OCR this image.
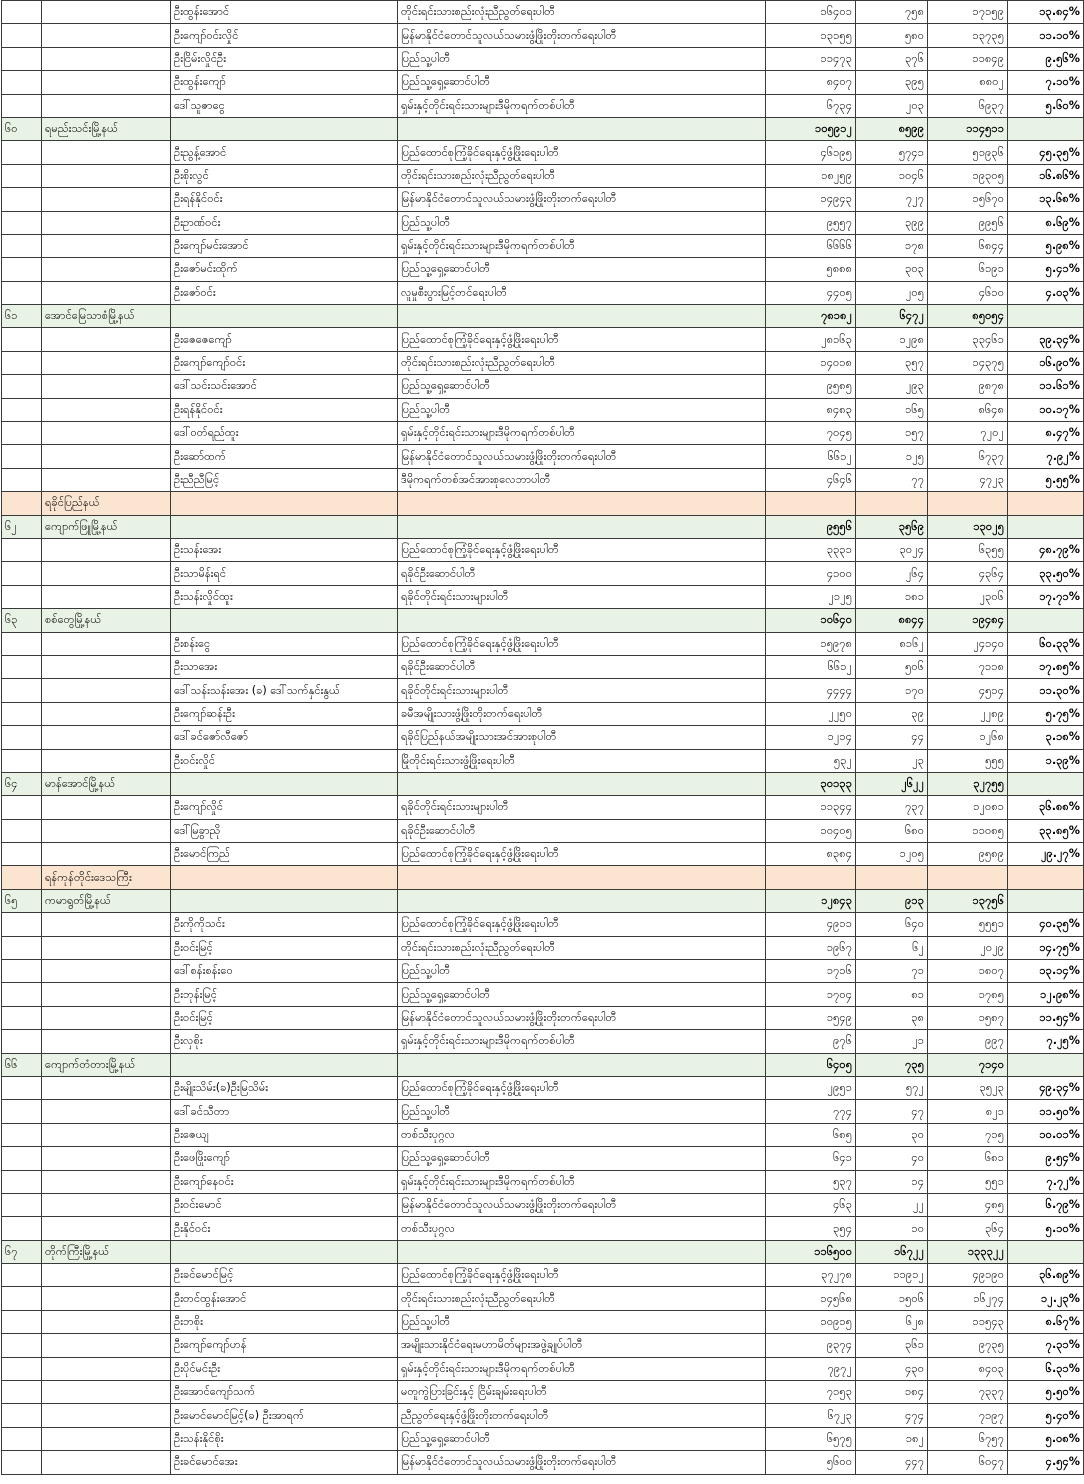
		ဦးထွန်းအောင်	တိုင်းရင်းသားစည်းလုံးညီညွတ်ရေးပါတီ	၁၆၄၀၁	၇၅၈	၁၇၁၅၉	၁၃.၈၄%
		ဦးကျော်ဝင်းလှိုင်	မြန်မာနိုင်ငံတောင်သူလယ်သမားဖွံ့ဖြိုးတိုးတက်ရေးပါတီ	၁၃၁၅၅	၅၈၀	၁၃၇၃၅	၁၁.၁၀%
		ဦးငြိမ်းလှိုင်ဦး	ပြည်သူ့ပါတီ	၁၁၄၇၃	၃၇၆	၁၁၈၄၉	၉.၅၆%
		ဦးထွန်းကျော်	ပြည်သူ့ရှေ့ဆောင်ပါတီ	၈၄၀၇	၃၉၅	၈၈၀၂	၇.၁၀%
		ဒေါ်သူဇာငွေ	ရှမ်းနှင့်တိုင်းရင်းသားများဒီမိုကရက်တစ်ပါတီ	၆၇၃၄	၂၀၃	၆၉၃၇	၅.၆၀%
၆၀	ရမည်းသင်းမြို့နယ်			၁၀၅၉၁၂	၈၅၉၉	၁၁၄၅၁၁	
		ဦးညွန့်အောင်	ပြည်ထောင်စုကြံ့ခိုင်ရေးနှင့်ဖွံ့ဖြိုးရေးပါတီ	၄၆၁၉၅	၅၇၄၁	၅၁၉၃၆	၄၅.၃၅%
		ဦးစိုးလွင်	တိုင်းရင်းသားစည်းလုံးညီညွတ်ရေးပါတီ	၁၈၂၅၉	၁၀၄၆	၁၉၃၀၅	၁၆.၈၆%
		ဦးရန်နိုင်ဝင်း	မြန်မာနိုင်ငံတောင်သူလယ်သမားဖွံ့ဖြိုးတိုးတက်ရေးပါတီ	၁၄၉၄၃	၇၂၇	၁၅၆၇၀	၁၃.၆၈%
		ဦးဥာဏ်ဝင်း	ပြည်သူ့ပါတီ	၉၅၅၇	၃၉၉	၉၉၅၆	၈.၆၉%
		ဦးကျော်မင်းအောင်	ရှမ်းနှင့်တိုင်းရင်းသားများဒီမိုကရက်တစ်ပါတီ	၆၆၆၆	၁၇၈	၆၈၄၄	၅.၉၈%
		ဦးဇော်မင်းထိုက်	ပြည်သူ့ရှေ့ဆောင်ပါတီ	၅၈၈၈	၃၀၃	၆၁၉၁	၅.၄၁%
		ဦးဇော်ဝင်း	လူမှုစီးပွားမြင့်တင်ရေးပါတီ	၄၄၀၅	၂၀၅	၄၆၁၀	၄.၀၃%
၆၁	အောင်မြေသာစံမြို့နယ်			၇၈၁၈၂	၆၄၇၂	၈၅၀၅၄	
		ဦးဇေဇေကျော်	ပြည်ထောင်စုကြံ့ခိုင်ရေးနှင့်ဖွံ့ဖြိုးရေးပါတီ	၂၈၁၆၃	၁၂၉၈	၃၃၄၆၁	၃၉.၃၄%
		ဦးကျော်ကျော်ဝင်း	တိုင်းရင်းသားစည်းလုံးညီညွတ်ရေးပါတီ	၁၄၀၁၈	၃၅၇	၁၄၃၇၅	၁၆.၉၀%
		ဒေါ်သင်းသင်းအောင်	ပြည်သူ့ရှေ့ဆောင်ပါတီ	၉၅၈၅	၂၉၃	၉၈၇၈	၁၁.၆၁%
		ဦးရန်နိုင်ဝင်း	ပြည်သူ့ပါတီ	၈၄၈၃	၁၆၅	၈၆၄၈	၁၀.၁၇%
		ဒေါ်ဝတ်ရည်ထူး	ရှမ်းနှင့်တိုင်းရင်းသားများဒီမိုကရက်တစ်ပါတီ	၇၀၄၅	၁၅၇	၇၂၀၂	၈.၄၇%
		ဦးဆော်ထက်	မြန်မာနိုင်ငံတောင်သူလယ်သမားဖွံ့ဖြိုးတိုးတက်ရေးပါတီ	၆၆၁၂	၁၂၅	၆၇၃၇	၇.၉၂%
		ဦးညီညီမြင့်	ဒီမိုကရက်တစ်အင်အားစုလေဘာပါတီ	၄၆၄၆	၇၇	၄၇၂၃	၅.၅၅%
	ရခိုင်ပြည်နယ်						
၆၂	ကျောက်ဖြူမြို့နယ်			၉၅၅၆	၃၅၆၉	၁၃၀၂၅	
		ဦးသန်းအေး	ပြည်ထောင်စုကြံ့ခိုင်ရေးနှင့်ဖွံ့ဖြိုးရေးပါတီ	၃၃၃၁	၃၀၂၄	၆၃၅၅	၄၈.၇၉%
		ဦးသာမိန်းရင်	ရခိုင်ဦးဆောင်ပါတီ	၄၁၀၀	၂၆၄	၄၃၆၄	၃၃.၅၀%
		ဦးသန်းလှိုင်ထူး	ရခိုင်တိုင်းရင်းသားများပါတီ	၂၁၂၅	၁၈၁	၂၃၀၆	၁၇.၇၁%
၆၃	စစ်တွေမြို့နယ်			၁၀၆၄၀	၈၈၄၄	၁၉၄၈၄	
		ဦးစန်းငွေ	ပြည်ထောင်စုကြံ့ခိုင်ရေးနှင့်ဖွံ့ဖြိုးရေးပါတီ	၁၅၉၇၈	၈၁၆၂	၂၄၁၄၀	၆၀.၃၃%
		ဦးသာအေး	ရခိုင်ဦးဆောင်ပါတီ	၆၆၁၂	၅၀၆	၇၁၁၈	၁၇.၈၅%
		ဒေါ်သန်းသန်းအေး (ခ) ဒေါ်သက်နှင်းနွယ်	ရခိုင်တိုင်းရင်းသားများပါတီ	၄၄၄၄	၁၇၀	၄၅၁၄	၁၁.၃၀%
		ဦးကျော်ဆန်းဦး	ခမီအမျိုးသားဖွံ့ဖြိုးတိုးတက်ရေးပါတီ	၂၂၅၀	၃၉	၂၂၈၉	၅.၇၅%
		ဒေါ်ခင်ဇော်လီဇော်	ရခိုင်ပြည်နယ်အမျိုးသားအင်အားစုပါတီ	၁၂၁၄	၄၄	၁၂၆၈	၃.၁၈%
		ဦးဝင်းလှိုင်	မြိုတိုင်းရင်းသားဖွံ့ဖြိုးရေးပါတီ	၅၃၂	၂၃	၅၅၅	၁.၃၉%
၆၄	မာန်အောင်မြို့နယ်			၃၀၁၃၃	၂၆၂၂	၃၂၇၅၅	
		ဦးကျော်လှိုင်	ရခိုင်တိုင်းရင်းသားများပါတီ	၁၁၃၄၄	၇၃၇	၁၂၀၈၁	၃၆.၈၈%
		ဒေါ်မြခွာညို	ရခိုင်ဦးဆောင်ပါတီ	၁၀၄၀၅	၆၈၀	၁၁၀၈၅	၃၃.၈၅%
		ဦးမောင်ကြည်	ပြည်ထောင်စုကြံ့ခိုင်ရေးနှင့်ဖွံ့ဖြိုးရေးပါတီ	၈၃၈၄	၁၂၀၅	၉၅၈၉	၂၉.၂၇%
	ရန်ကုန်တိုင်းဒေသကြီး						
၆၅	ကမာရွတ်မြို့နယ်			၁၂၈၄၃	၉၁၃	၁၃၇၅၆	
		ဦးကိုကိုသင်း	ပြည်ထောင်စုကြံ့ခိုင်ရေးနှင့်ဖွံ့ဖြိုးရေးပါတီ	၄၉၁၁	၆၄၀	၅၅၅၁	၄၀.၃၅%
		ဦးဝင်းမြင့်	တိုင်းရင်းသားစည်းလုံးညီညွတ်ရေးပါတီ	၁၉၆၇	၆၂	၂၀၂၉	၁၄.၇၅%
		ဒေါ်စန်းစန်းဝေ	ပြည်သူ့ပါတီ	၁၇၁၆	၇၁	၁၈၀၇	၁၃.၁၄%
		ဦးဘုန်းမြင့်	ပြည်သူ့ရှေ့ဆောင်ပါတီ	၁၇၀၄	၈၁	၁၇၈၅	၁၂.၉၈%
		ဦးဝင်းမြင့်	မြန်မာနိုင်ငံတောင်သူလယ်သမားဖွံ့ဖြိုးတိုးတက်ရေးပါတီ	၁၅၄၉	၃၈	၁၅၈၇	၁၁.၅၄%
		ဦးလှစိုး	ရှမ်းနှင့်တိုင်းရင်းသားများဒီမိုကရက်တစ်ပါတီ	၉၇၆	၂၁	၉၉၇	၇.၂၅%
၆၆	ကျောက်တံတားမြို့နယ်			၆၄၀၅	၇၃၅	၇၁၄၀	
		ဦးမျိုးသိမ်း(ခ)ဦးမြသိမ်း	ပြည်ထောင်စုကြံ့ခိုင်ရေးနှင့်ဖွံ့ဖြိုးရေးပါတီ	၂၉၅၁	၅၇၂	၃၅၂၃	၄၉.၃၄%
		ဒေါ်ခင်သီတာ	ပြည်သူ့ပါတီ	၇၇၄	၄၇	၈၂၁	၁၁.၅၀%
		ဦးဇေယျ	တစ်သီးပုဂ္ဂလ	၆၈၅	၃၀	၇၁၅	၁၀.၀၁%
		ဦးဖေဖြိုးကျော်	ပြည်သူ့ရှေ့ဆောင်ပါတီ	၆၄၁	၄၀	၆၈၁	၉.၅၄%
		ဦးကျော်နေဝင်း	ရှမ်းနှင့်တိုင်းရင်းသားများဒီမိုကရက်တစ်ပါတီ	၅၃၇	၁၄	၅၅၁	၇.၇၂%
		ဦးဝင်းမောင်	မြန်မာနိုင်ငံတောင်သူလယ်သမားဖွံ့ဖြိုးတိုးတက်ရေးပါတီ	၄၆၃	၂၂	၄၈၅	၆.၇၉%
		ဦးနိုင်ဝင်း	တစ်သီးပုဂ္ဂလ	၃၅၄	၁၀	၃၆၄	၅.၁၀%
၆၇	တိုက်ကြီးမြို့နယ်			၁၁၆၅၀၀	၁၆၇၂၂	၁၃၃၃၂၂	
		ဦးခင်မောင်မြင့်	ပြည်ထောင်စုကြံ့ခိုင်ရေးနှင့်ဖွံ့ဖြိုးရေးပါတီ	၃၇၂၇၈	၁၁၉၁၂	၄၉၁၉၀	၃၆.၈၉%
		ဦးတင်ထွန်းအောင်	တိုင်းရင်းသားစည်းလုံးညီညွတ်ရေးပါတီ	၁၄၅၆၈	၁၅၀၆	၁၆၂၇၄	၁၂.၂၃%
		ဦးဘစိုး	ပြည်သူ့ပါတီ	၁၀၉၁၅	၆၂၈	၁၁၅၄၃	၈.၆၇%
		ဦးကျော်ကျော်ဟန်	အမျိုးသားနိုင်ငံရေးမဟာမိတ်များအဖွဲ့ချုပ်ပါတီ	၉၃၇၄	၃၆၁	၉၇၃၅	၇.၃၁%
		ဦးပိုင်မင်းဦး	ရှမ်းနှင့်တိုင်းရင်းသားများဒီမိုကရက်တစ်ပါတီ	၇၉၇၂	၄၃၀	၈၄၀၃	၆.၃၁%
		ဦးအောင်ကျော်သက်	မတူကွဲပြားခြင်းနှင့် ငြိမ်းချမ်းရေးပါတီ	၇၁၅၃	၁၈၄	၇၃၃၇	၅.၅၀%
		ဦးမောင်မောင်မြင့်(ခ) ဦးအာရက်	ညီညွတ်ရေးနှင့်ဖွံ့ဖြိုးတိုးတက်ရေးပါတီ	၆၇၂၃	၄၇၄	၇၁၉၇	၅.၄၀%
		ဦးသန်းနိုင်စိုး	ပြည်သူ့ရှေ့ဆောင်ပါတီ	၆၅၇၅	၁၈၂	၆၇၅၇	၅.၀၈%
		ဦးခင်မောင်အေး	မြန်မာနိုင်ငံတောင်သူလယ်သမားဖွံ့ဖြိုးတိုးတက်ရေးပါတီ	၅၆၀၀	၄၄၇	၆၀၄၇	၄.၅၄%
